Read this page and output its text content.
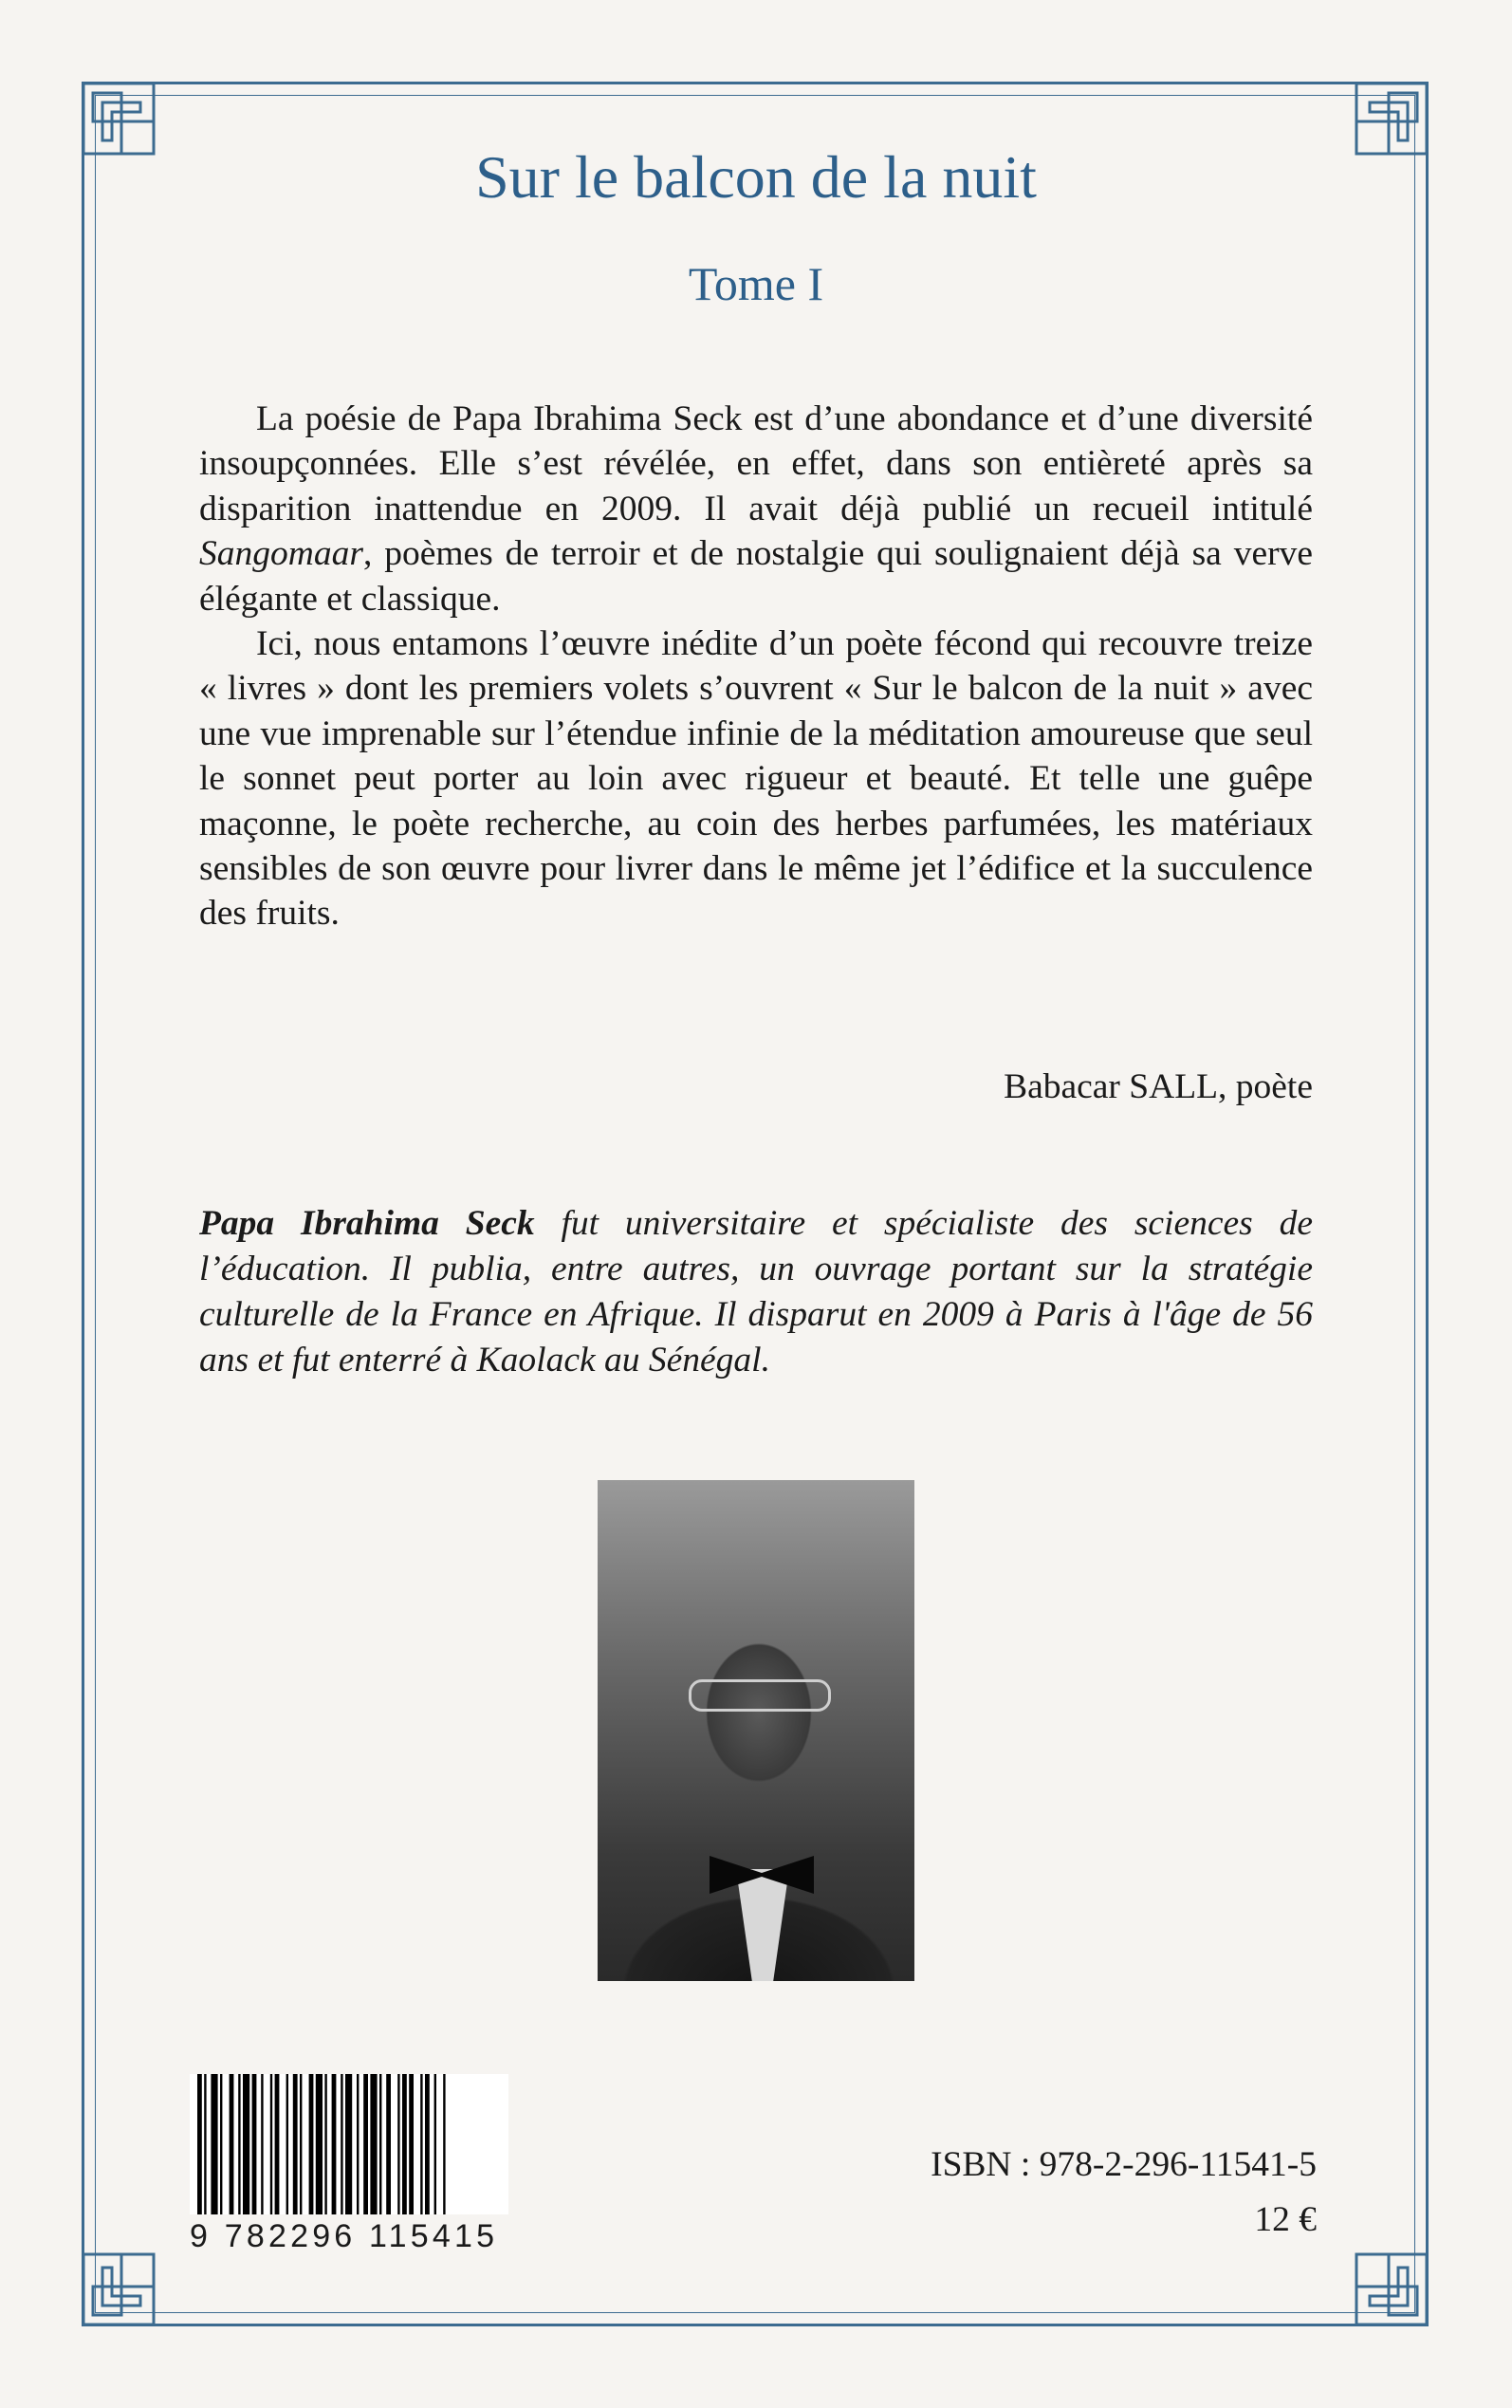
Sur le balcon de la nuit
Tome I

La poésie de Papa Ibrahima Seck est d’une abondance et d’une diversité insoupçonnées. Elle s’est révélée, en effet, dans son entièreté après sa disparition inattendue en 2009. Il avait déjà publié un recueil intitulé Sangomaar, poèmes de terroir et de nostalgie qui soulignaient déjà sa verve élégante et classique.

Ici, nous entamons l’œuvre inédite d’un poète fécond qui recouvre treize « livres » dont les premiers volets s’ouvrent « Sur le balcon de la nuit » avec une vue imprenable sur l’étendue infinie de la méditation amoureuse que seul le sonnet peut porter au loin avec rigueur et beauté. Et telle une guêpe maçonne, le poète recherche, au coin des herbes parfumées, les matériaux sensibles de son œuvre pour livrer dans le même jet l’édifice et la succulence des fruits.

Babacar SALL, poète

Papa Ibrahima Seck fut universitaire et spécialiste des sciences de l’éducation. Il publia, entre autres, un ouvrage portant sur la stratégie culturelle de la France en Afrique. Il disparut en 2009 à Paris à l'âge de 56 ans et fut enterré à Kaolack au Sénégal.

9 782296 115415

ISBN : 978-2-296-11541-5

12 €
